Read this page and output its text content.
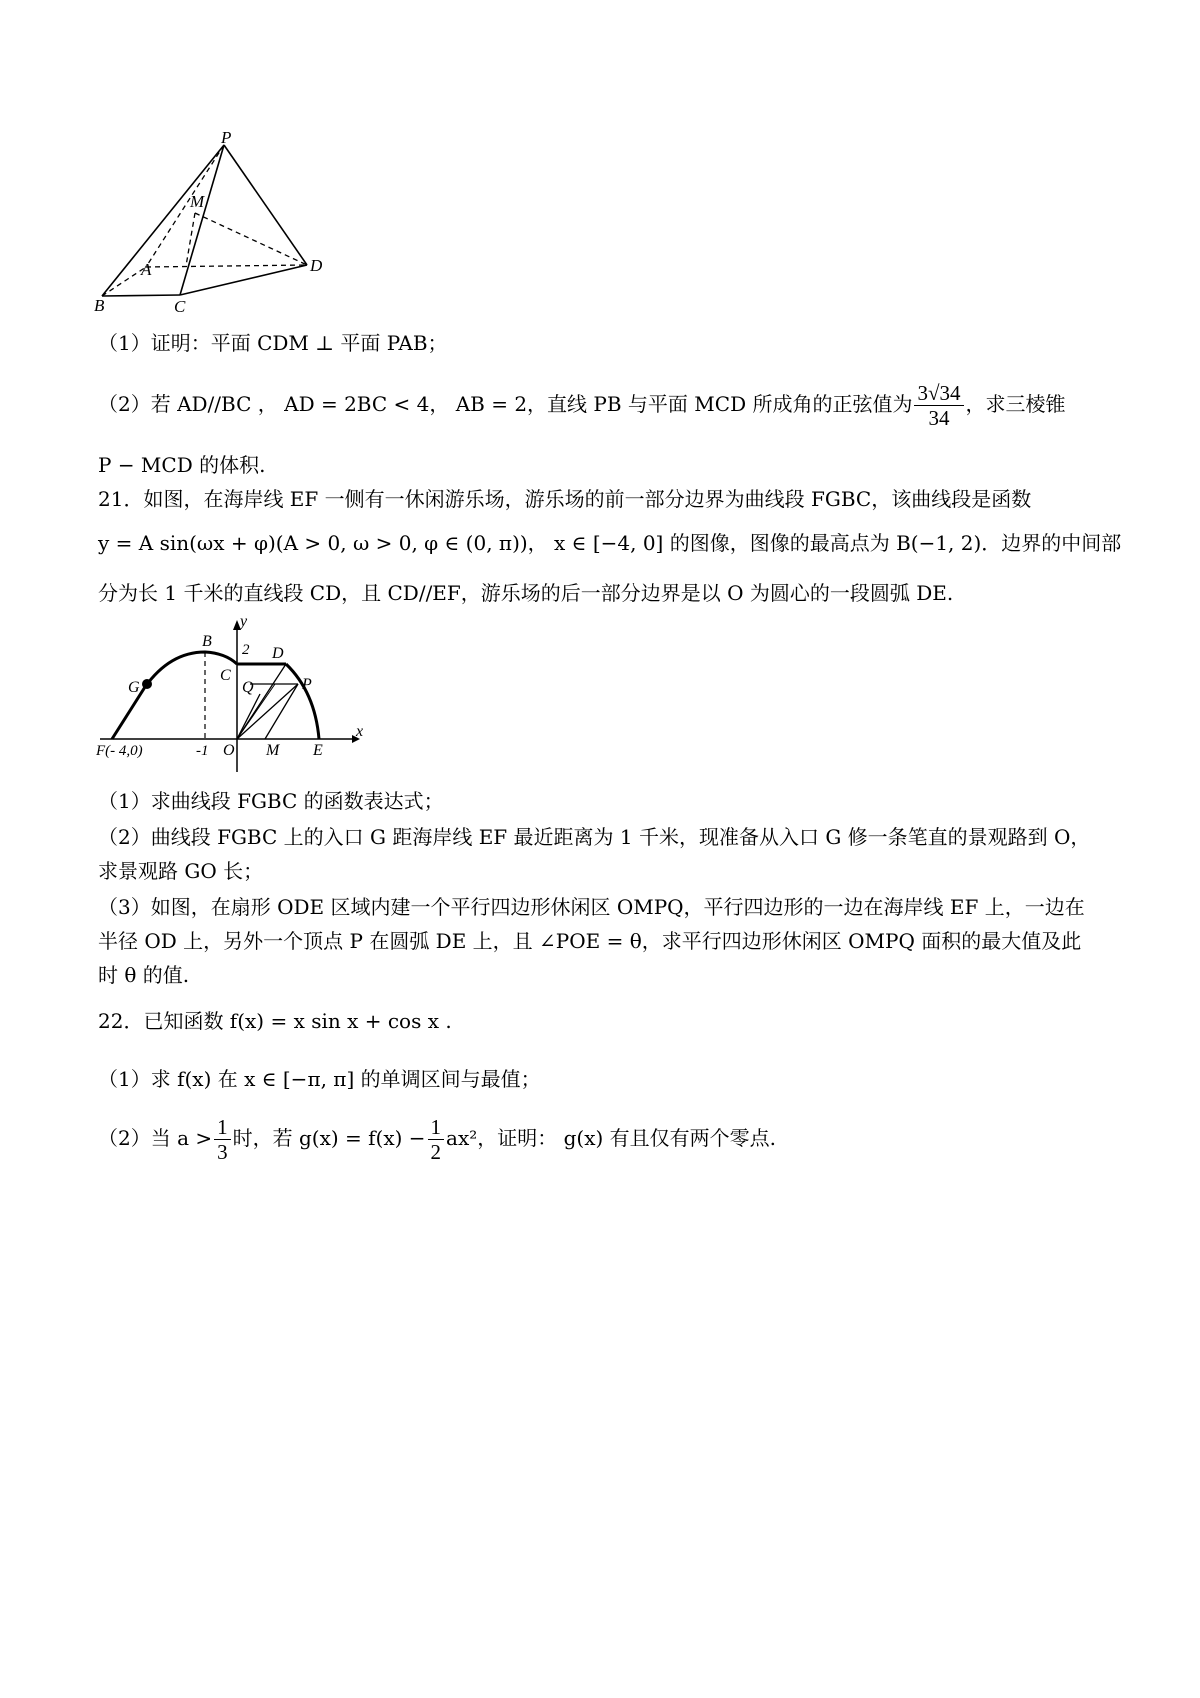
P
M
A
B	C
D
（1）证明：平面 CDM ⊥ 平面 PAB；
（2）若 AD//BC ， AD = 2BC < 4， AB = 2，直线 PB 与平面 MCD 所成角的正弦值为 $\frac{3√34}{34}$ ，求三棱锥
P − MCD 的体积.
21．如图，在海岸线 EF 一侧有一休闲游乐场，游乐场的前一部分边界为曲线段 FGBC，该曲线段是函数
y = A sin(ωx + φ)(A > 0, ω > 0, φ ∈ (0, π))， x ∈ [−4, 0] 的图像，图像的最高点为 B(−1, 2)．边界的中间部
分为长 1 千米的直线段 CD，且 CD//EF，游乐场的后一部分边界是以 O 为圆心的一段圆弧 DE.
y
x
B 2 D
C
G	Q	P
F(- 4,0)	-1 O M E
（1）求曲线段 FGBC 的函数表达式；
（2）曲线段 FGBC 上的入口 G 距海岸线 EF 最近距离为 1 千米，现准备从入口 G 修一条笔直的景观路到 O，
求景观路 GO 长；
（3）如图，在扇形 ODE 区域内建一个平行四边形休闲区 OMPQ，平行四边形的一边在海岸线 EF 上，一边在
半径 OD 上，另外一个顶点 P 在圆弧 DE 上，且 ∠POE = θ，求平行四边形休闲区 OMPQ 面积的最大值及此
时 θ 的值.
22．已知函数 f(x) = x sin x + cos x .
（1）求 f(x) 在 x ∈ [−π, π] 的单调区间与最值；
（2）当 $a > \frac{1}{3}$ 时，若 $g(x) = f(x) - \frac{1}{2} ax^2$，证明： g(x) 有且仅有两个零点.
